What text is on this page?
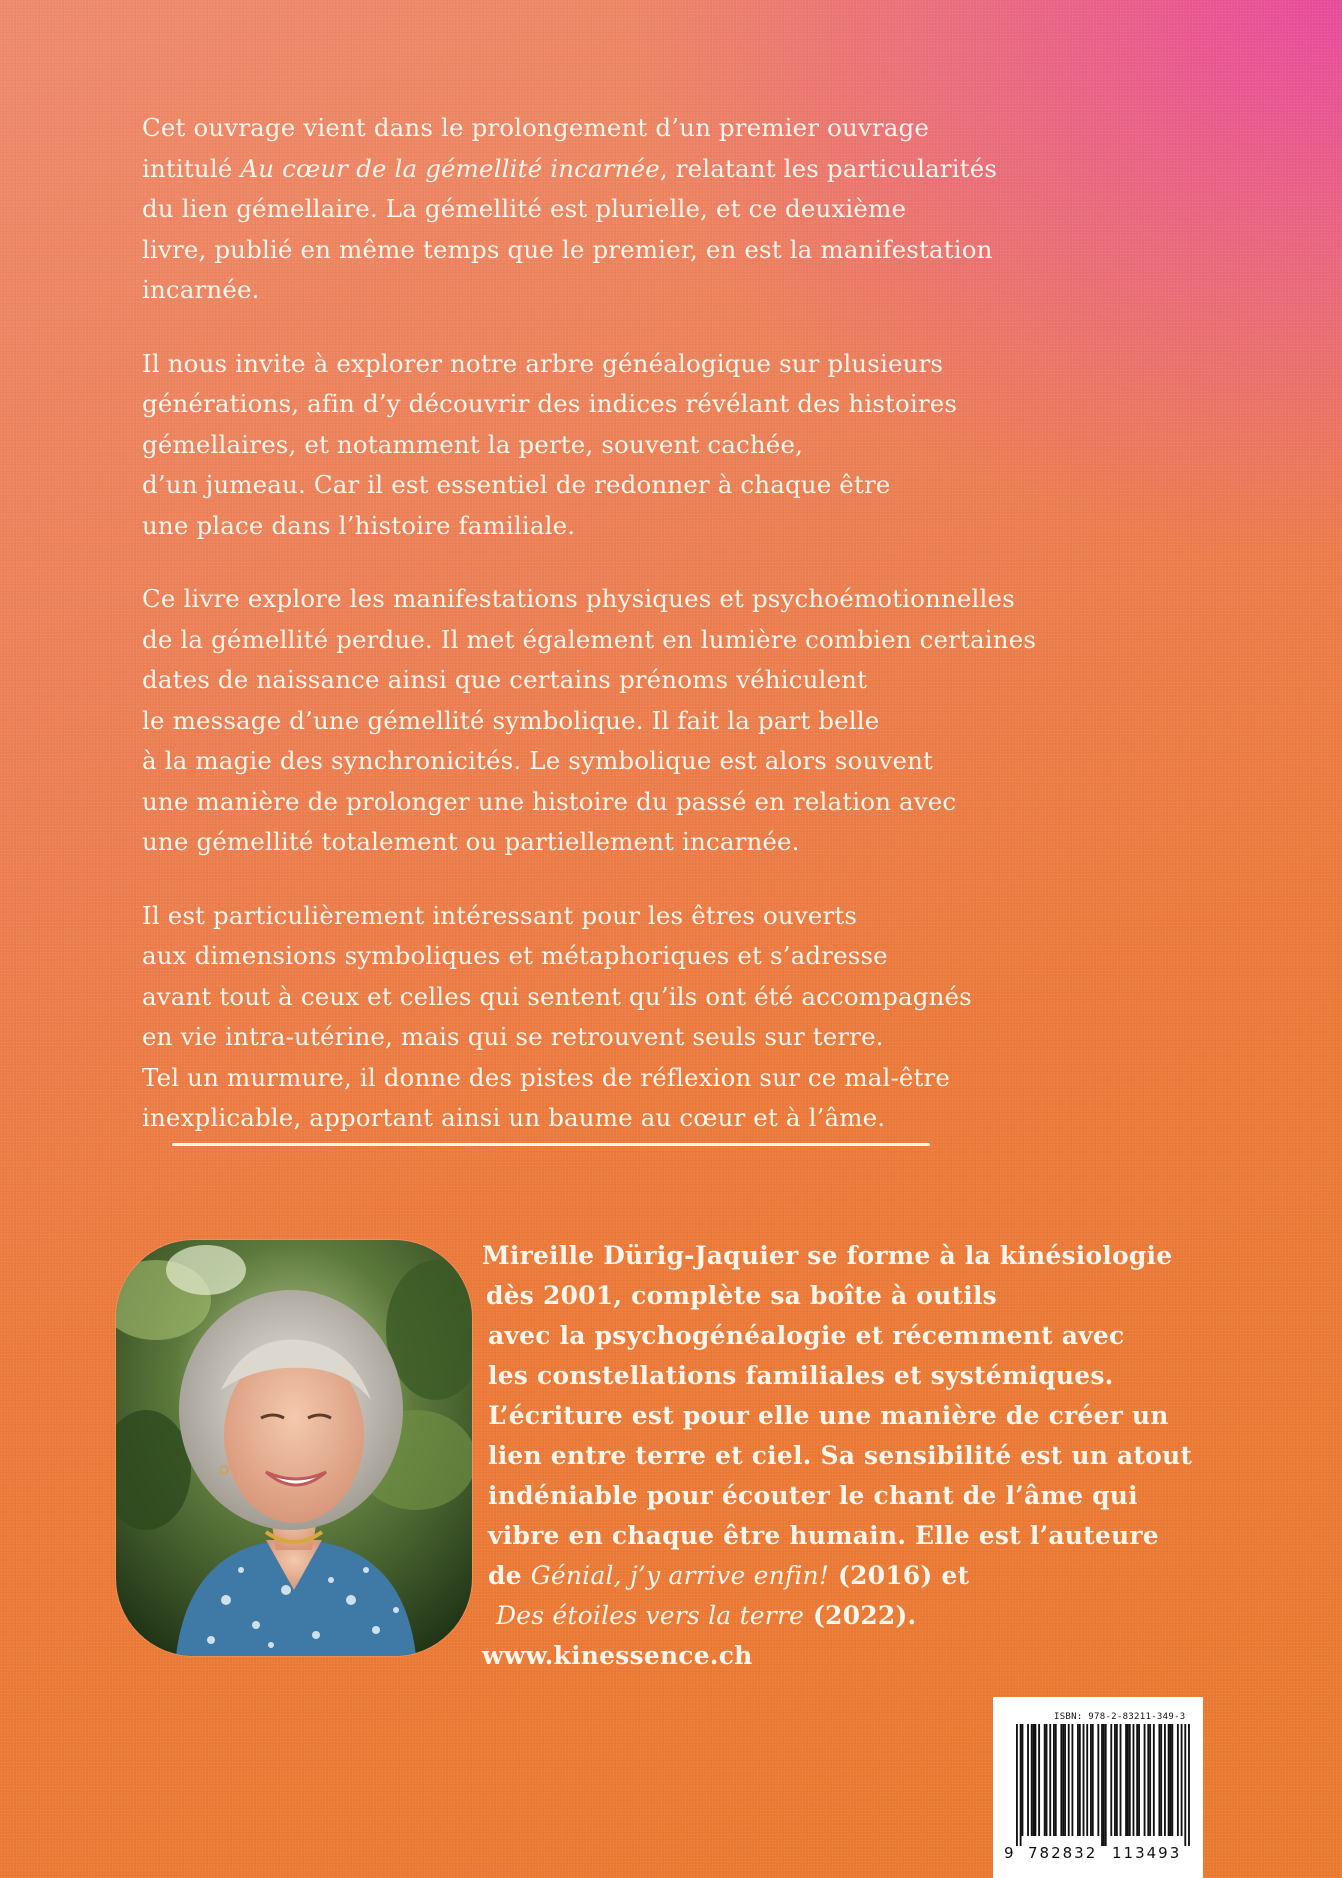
Cet ouvrage vient dans le prolongement d’un premier ouvrage
intitulé Au cœur de la gémellité incarnée, relatant les particularités
du lien gémellaire. La gémellité est plurielle, et ce deuxième
livre, publié en même temps que le premier, en est la manifestation
incarnée.

Il nous invite à explorer notre arbre généalogique sur plusieurs
générations, afin d’y découvrir des indices révélant des histoires
gémellaires, et notamment la perte, souvent cachée,
d’un jumeau. Car il est essentiel de redonner à chaque être
une place dans l’histoire familiale.

Ce livre explore les manifestations physiques et psychoémotionnelles
de la gémellité perdue. Il met également en lumière combien certaines
dates de naissance ainsi que certains prénoms véhiculent
le message d’une gémellité symbolique. Il fait la part belle
à la magie des synchronicités. Le symbolique est alors souvent
une manière de prolonger une histoire du passé en relation avec
une gémellité totalement ou partiellement incarnée.

Il est particulièrement intéressant pour les êtres ouverts
aux dimensions symboliques et métaphoriques et s’adresse
avant tout à ceux et celles qui sentent qu’ils ont été accompagnés
en vie intra-utérine, mais qui se retrouvent seuls sur terre.
Tel un murmure, il donne des pistes de réflexion sur ce mal-être
inexplicable, apportant ainsi un baume au cœur et à l’âme.

Mireille Dürig-Jaquier se forme à la kinésiologie
dès 2001, complète sa boîte à outils
avec la psychogénéalogie et récemment avec
les constellations familiales et systémiques.
L’écriture est pour elle une manière de créer un
lien entre terre et ciel. Sa sensibilité est un atout
indéniable pour écouter le chant de l’âme qui
vibre en chaque être humain. Elle est l’auteure
de Génial, j’y arrive enfin! (2016) et
Des étoiles vers la terre (2022).
www.kinessence.ch
ISBN: 978-2-83211-349-3
9 782832 113493
